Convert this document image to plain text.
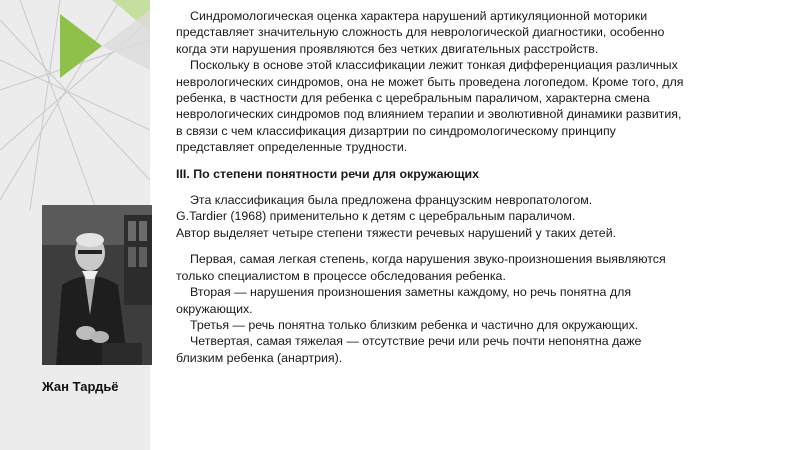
Жан Тардьё

Синдромологическая оценка характера нарушений артикуляционной моторики

представляет значительную сложность для неврологической диагностики, особенно

когда эти нарушения проявляются без четких двигательных расстройств.

Поскольку в основе этой классификации лежит тонкая дифференциация различных

неврологических синдромов, она не может быть проведена логопедом. Кроме того, для

ребенка, в частности для ребенка с церебральным параличом, характерна смена

неврологических синдромов под влиянием терапии и эволютивной динамики развития,

в связи с чем классификация дизартрии по синдромологическому принципу

представляет определенные трудности.

III. По степени понятности речи для окружающих

Эта классификация была предложена французским невропатологом.

G.Tardier (1968) применительно к детям с церебральным параличом.

Автор выделяет четыре степени тяжести речевых нарушений у таких детей.

Первая, самая легкая степень, когда нарушения звуко-произношения выявляются

только специалистом в процессе обследования ребенка.

Вторая — нарушения произношения заметны каждому, но речь понятна для

окружающих.

Третья — речь понятна только близким ребенка и частично для окружающих.

Четвертая, самая тяжелая — отсутствие речи или речь почти непонятна даже

близким ребенка (анартрия).
